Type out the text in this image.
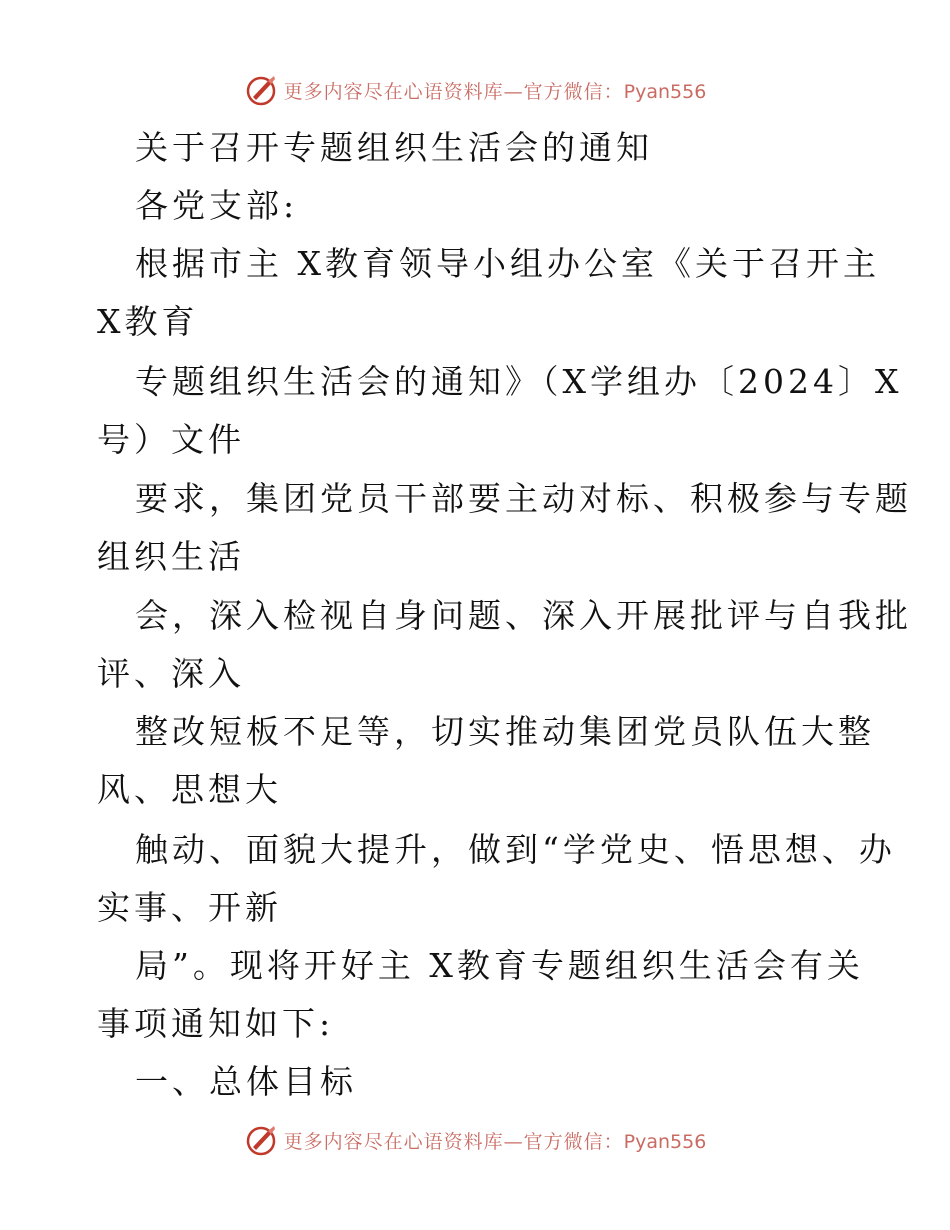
更多内容尽在心语资料库—官方微信：Pyan556
关于召开专题组织生活会的通知
各党支部:
根据市主 X教育领导小组办公室《关于召开主
X教育
专题组织生活会的通知》（X学组办〔2024〕X
号）文件
要求，集团党员干部要主动对标、积极参与专题
组织生活
会，深入检视自身问题、深入开展批评与自我批
评、深入
整改短板不足等，切实推动集团党员队伍大整
风、思想大
触动、面貌大提升，做到“学党史、悟思想、办
实事、开新
局”。现将开好主 X教育专题组织生活会有关
事项通知如下:
一、总体目标
更多内容尽在心语资料库—官方微信：Pyan556
